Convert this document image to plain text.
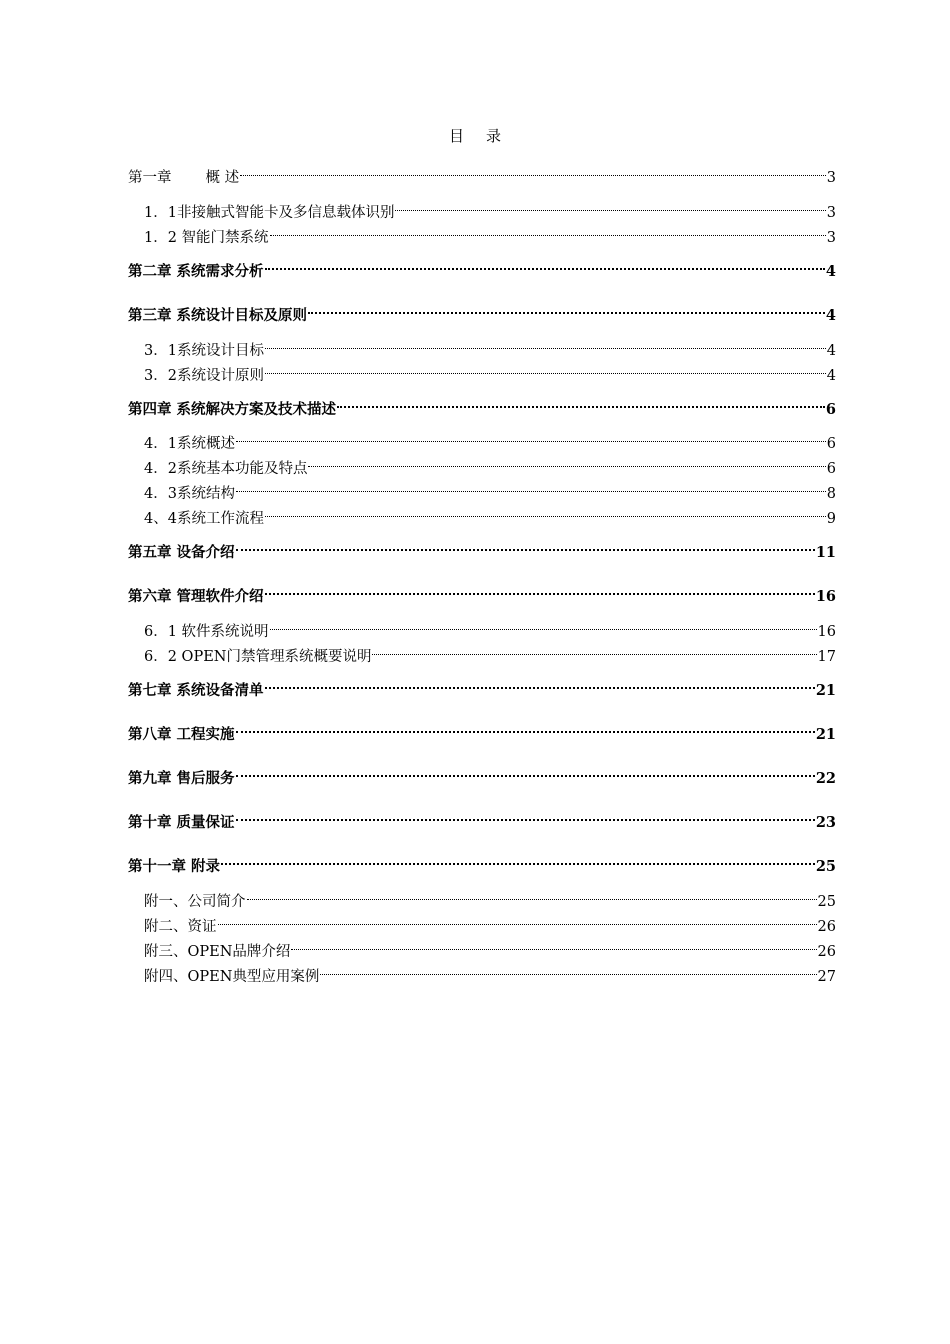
目 录
第一章 概 述	3
1．1非接触式智能卡及多信息载体识别	3
1．2 智能门禁系统	3
第二章 系统需求分析	4
第三章 系统设计目标及原则	4
3．1系统设计目标	4
3．2系统设计原则	4
第四章 系统解决方案及技术描述	6
4．1系统概述	6
4．2系统基本功能及特点	6
4．3系统结构	8
4、4系统工作流程	9
第五章 设备介绍	11
第六章 管理软件介绍	16
6．1 软件系统说明	16
6．2 OPEN门禁管理系统概要说明	17
第七章 系统设备清单	21
第八章 工程实施	21
第九章 售后服务	22
第十章 质量保证	23
第十一章 附录	25
附一、公司简介	25
附二、资证	26
附三、OPEN品牌介绍	26
附四、OPEN典型应用案例	27
